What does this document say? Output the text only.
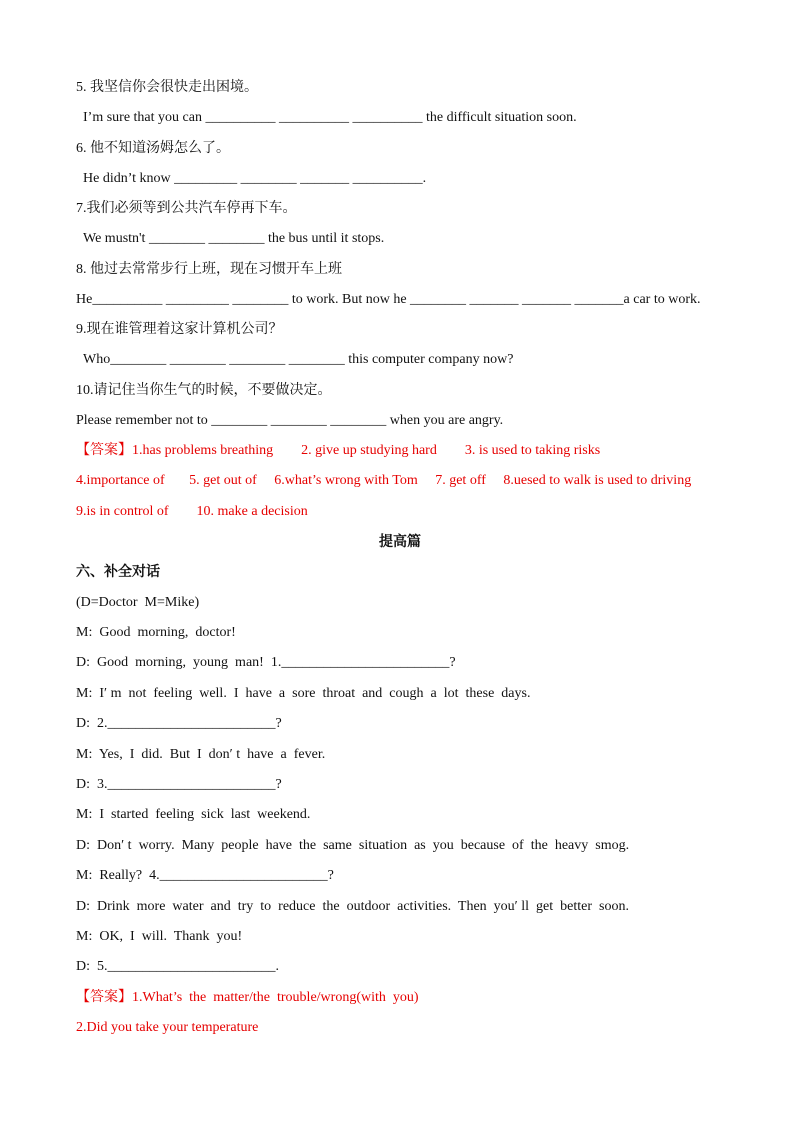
5. 我坚信你会很快走出困境。
I’m sure that you can __________ __________ __________ the difficult situation soon.
6. 他不知道汤姆怎么了。
He didn’t know _________ ________ _______ __________.
7.我们必须等到公共汽车停再下车。
We mustn't ________ ________ the bus until it stops.
8. 他过去常常步行上班，现在习惯开车上班
He__________ _________ ________ to work. But now he ________ _______ _______ _______a car to work.
9.现在谁管理着这家计算机公司？
Who________ ________ ________ ________ this computer company now?
10.请记住当你生气的时候，不要做决定。
Please remember not to ________ ________ ________ when you are angry.
【答案】1.has problems breathing        2. give up studying hard        3. is used to taking risks
4.importance of       5. get out of     6.what’s wrong with Tom     7. get off     8.uesed to walk is used to driving
9.is in control of        10. make a decision
提高篇
六、补全对话
(D=Doctor  M=Mike)
M:  Good  morning,  doctor!
D:  Good  morning,  young  man!  1.________________________?
M:  I′ m  not  feeling  well.  I  have  a  sore  throat  and  cough  a  lot  these  days.
D:  2.________________________?
M:  Yes,  I  did.  But  I  don′ t  have  a  fever.
D:  3.________________________?
M:  I  started  feeling  sick  last  weekend.
D:  Don′ t  worry.  Many  people  have  the  same  situation  as  you  because  of  the  heavy  smog.
M:  Really?  4.________________________?
D:  Drink  more  water  and  try  to  reduce  the  outdoor  activities.  Then  you′ ll  get  better  soon.
M:  OK,  I  will.  Thank  you!
D:  5.________________________.
【答案】1.What’s  the  matter/the  trouble/wrong(with  you)
2.Did you take your temperature
